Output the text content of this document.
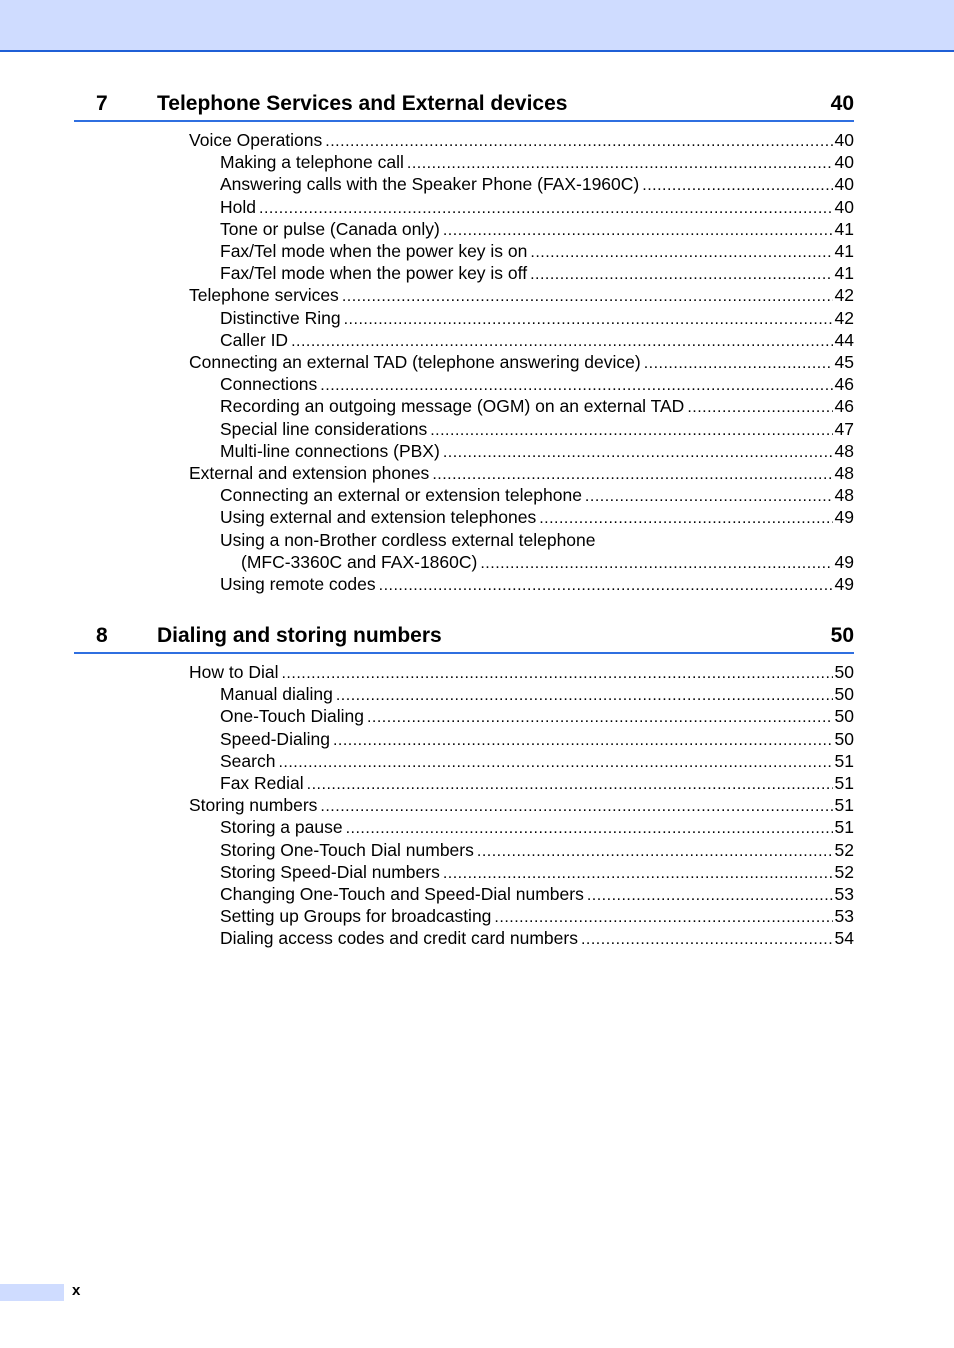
7 Telephone Services and External devices	40
Voice Operations .....	40
Making a telephone call .....	40
Answering calls with the Speaker Phone (FAX-1960C) .....	40
Hold .....	40
Tone or pulse (Canada only) .....	41
Fax/Tel mode when the power key is on .....	41
Fax/Tel mode when the power key is off .....	41
Telephone services .....	42
Distinctive Ring .....	42
Caller ID .....	44
Connecting an external TAD (telephone answering device) .....	45
Connections .....	46
Recording an outgoing message (OGM) on an external TAD .....	46
Special line considerations .....	47
Multi-line connections (PBX) .....	48
External and extension phones .....	48
Connecting an external or extension telephone .....	48
Using external and extension telephones .....	49
Using a non-Brother cordless external telephone
(MFC-3360C and FAX-1860C) .....	49
Using remote codes .....	49
8 Dialing and storing numbers	50
How to Dial .....	50
Manual dialing .....	50
One-Touch Dialing .....	50
Speed-Dialing .....	50
Search .....	51
Fax Redial .....	51
Storing numbers .....	51
Storing a pause .....	51
Storing One-Touch Dial numbers .....	52
Storing Speed-Dial numbers .....	52
Changing One-Touch and Speed-Dial numbers .....	53
Setting up Groups for broadcasting .....	53
Dialing access codes and credit card numbers .....	54
x
